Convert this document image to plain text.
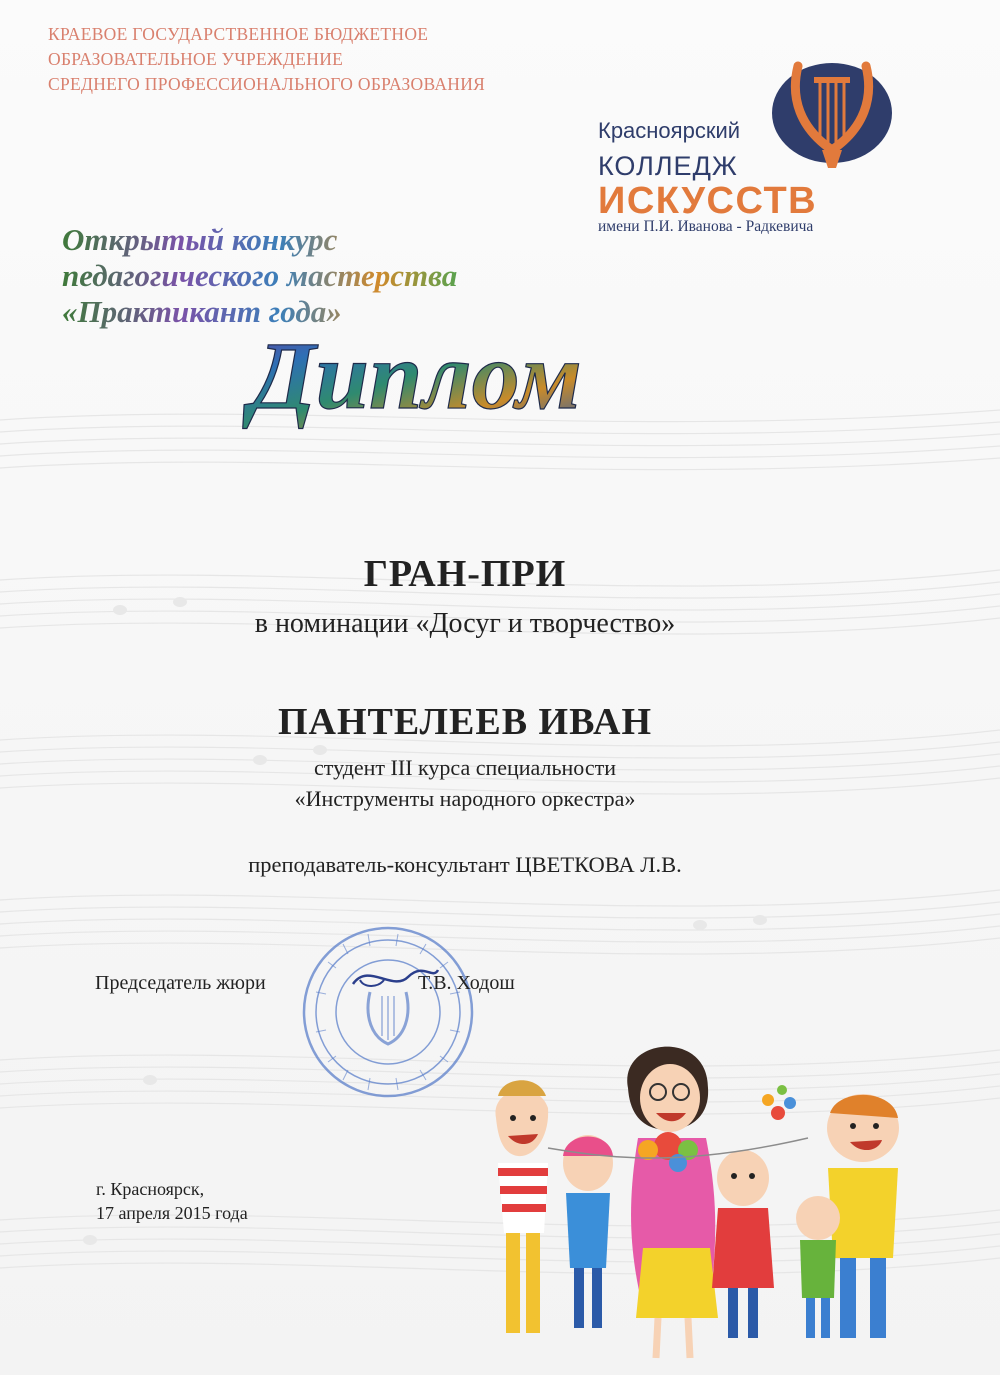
КРАЕВОЕ ГОСУДАРСТВЕННОЕ БЮДЖЕТНОЕ
ОБРАЗОВАТЕЛЬНОЕ УЧРЕЖДЕНИЕ
СРЕДНЕГО ПРОФЕССИОНАЛЬНОГО ОБРАЗОВАНИЯ
Красноярский
КОЛЛЕДЖ
ИСКУССТВ
имени П.И. Иванова - Радкевича
Открытый конкурс
педагогического мастерства
«Практикант года»
Диплом
ГРАН-ПРИ
в номинации «Досуг и творчество»
ПАНТЕЛЕЕВ ИВАН
студент III курса специальности
«Инструменты народного оркестра»
преподаватель-консультант ЦВЕТКОВА Л.В.
Председатель жюри	Т.В. Ходош
г. Красноярск,
17 апреля 2015 года
